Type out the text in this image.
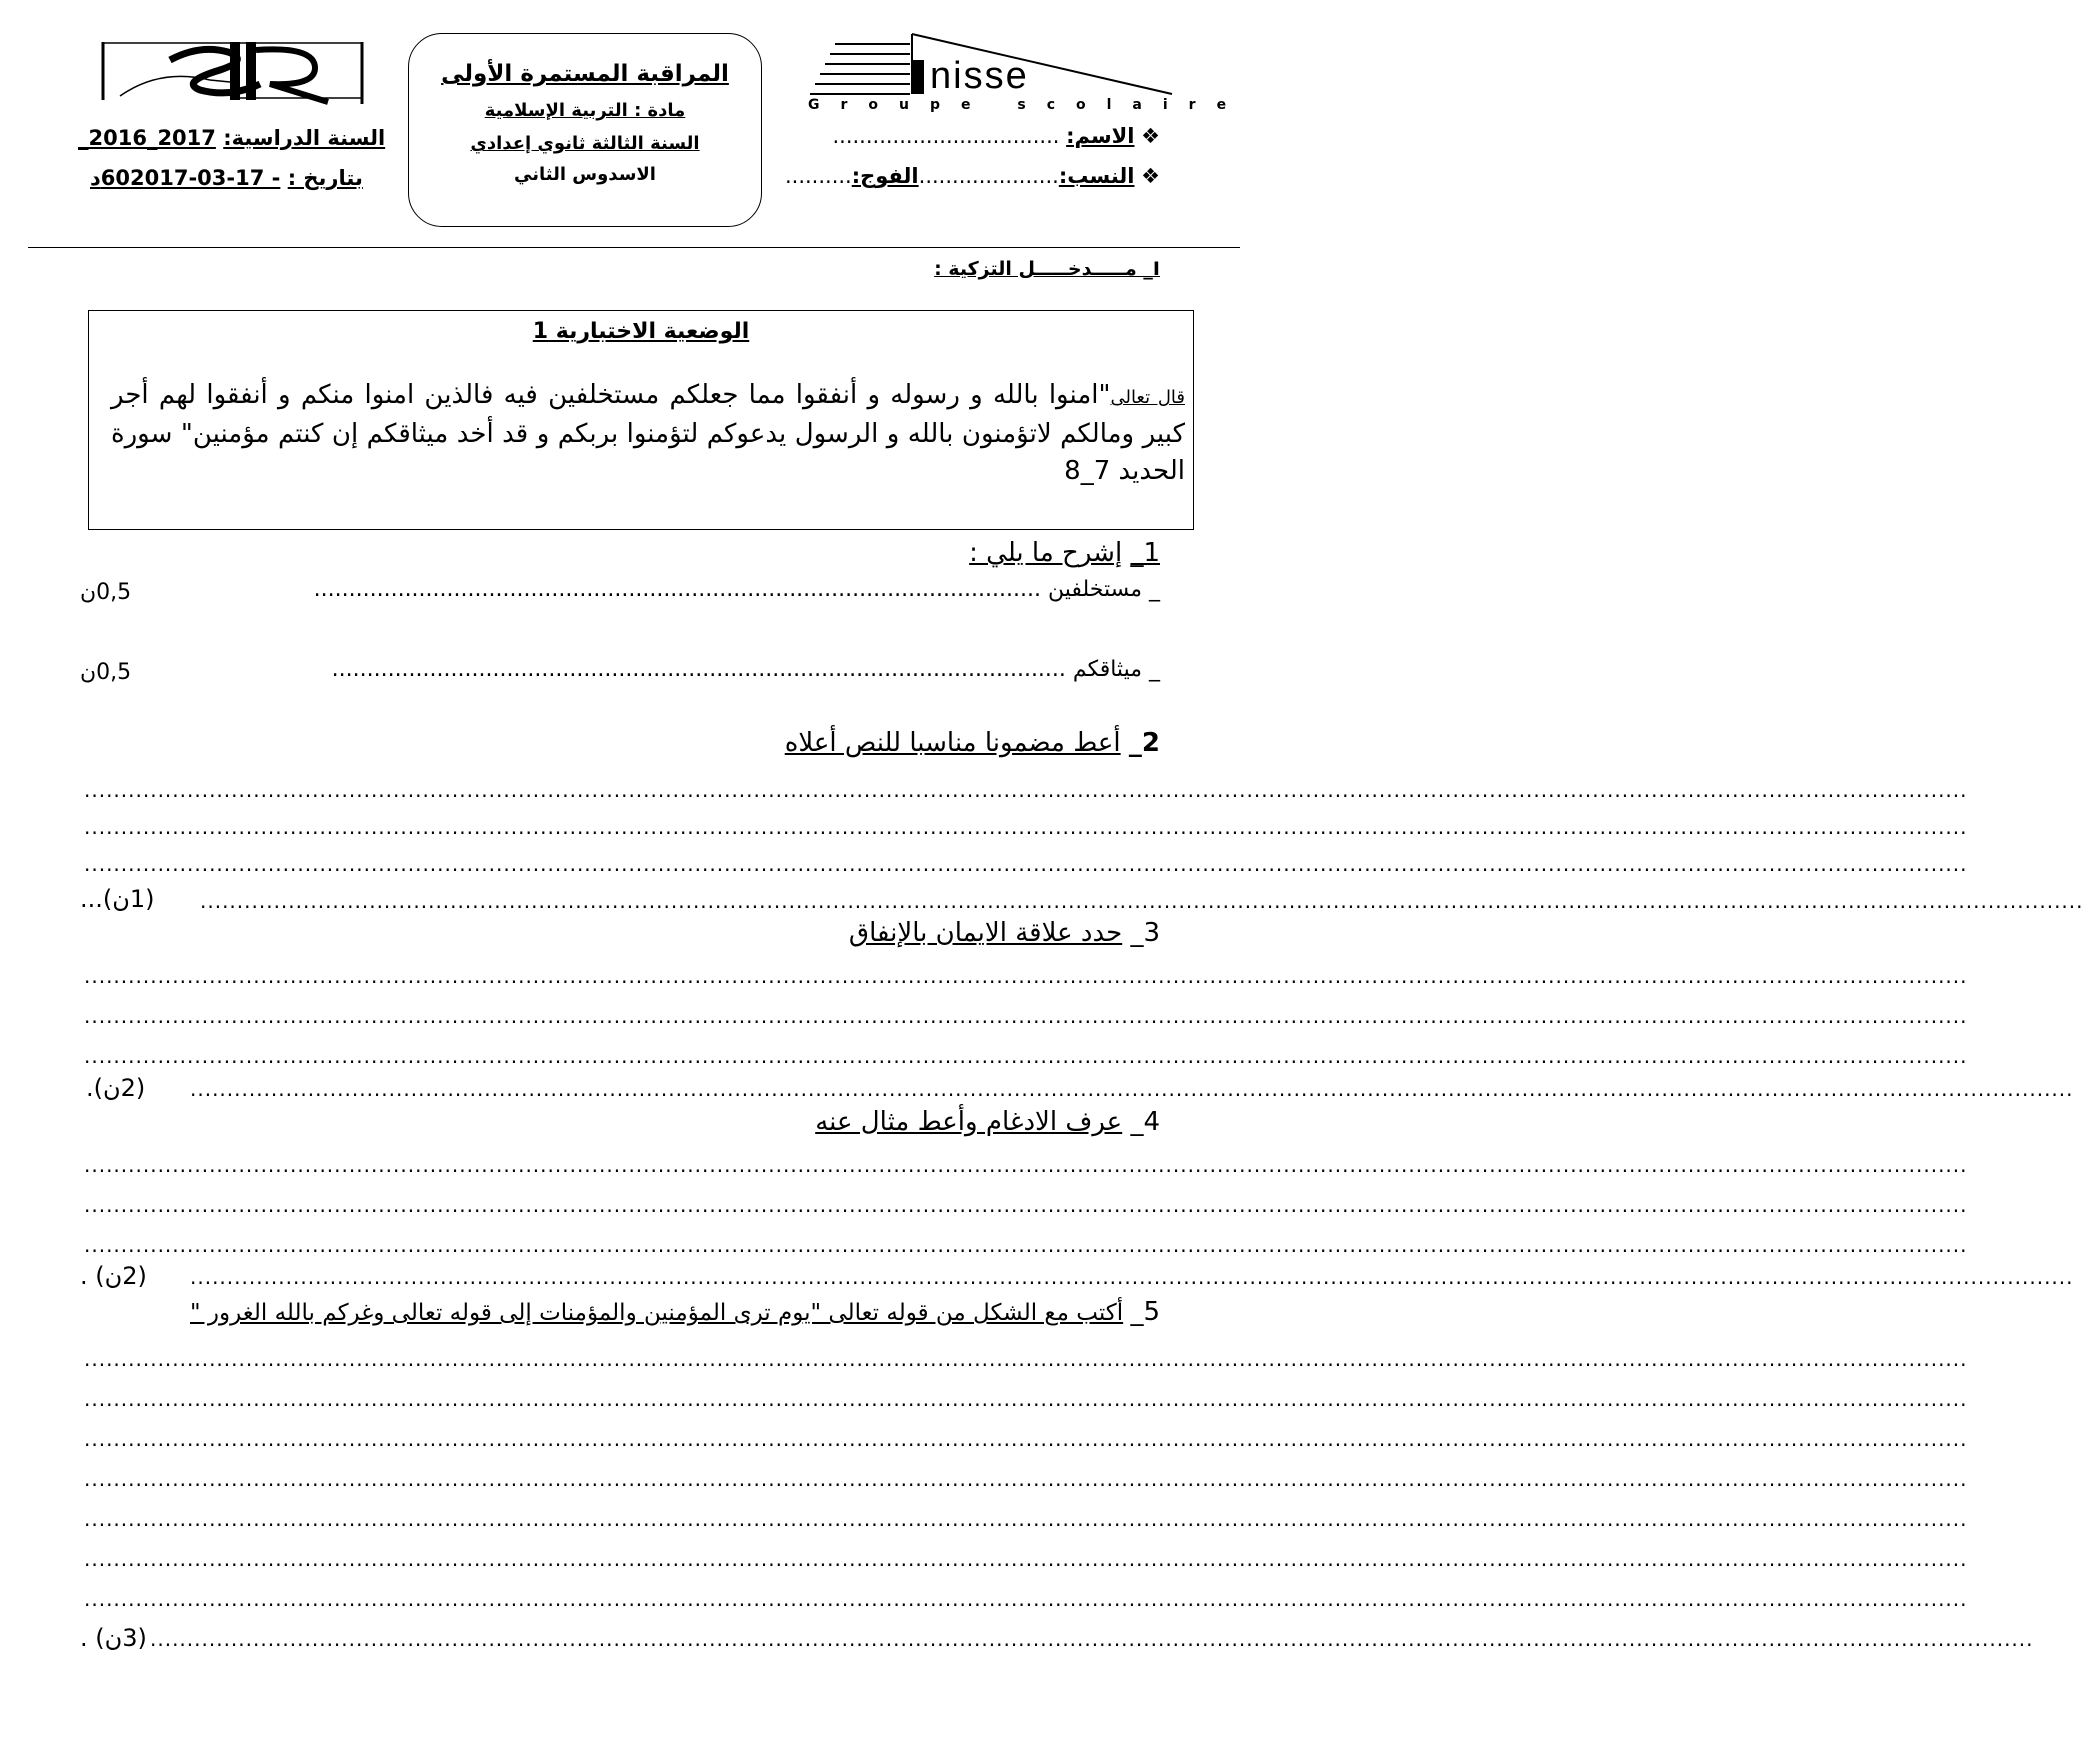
المراقبة المستمرة الأولى
مادة : التربية الإسلامية
السنة الثالثة ثانوي إعدادي
الاسدوس الثاني
nisse
Groupe scolaire
❖ الاسم: ..................................
❖ النسب:.....................الفوج:..........
السنة الدراسية: _2016_2017
بتاريخ : 2017-03-17 -60د
I_ مـــــدخـــــل التزكية :
الوضعية الاختبارية 1
قال تعالى"امنوا بالله و رسوله و أنفقوا مما جعلكم مستخلفين فيه فالذين امنوا منكم و أنفقوا لهم أجر كبير ومالكم لاتؤمنون بالله و الرسول يدعوكم لتؤمنوا بربكم و قد أخد ميثاقكم إن كنتم مؤمنين" سورة الحديد 7_8
1_ إشرح ما يلي :
_ مستخلفين ........................................................................................................
0,5ن
_ ميثاقكم .........................................................................................................
0,5ن
2_ أعط مضمونا مناسبا للنص أعلاه
.....
.....
.....
.....
(1ن)...
3_ حدد علاقة الايمان بالإنفاق
.....
.....
.....
.....
(2ن).
4_ عرف الادغام وأعط مثال عنه
.....
.....
.....
.....
(2ن) .
5_ أكتب مع الشكل من قوله تعالى "يوم ترى المؤمنين والمؤمنات إلى قوله تعالى وغركم بالله الغرور "
.....
.....
.....
.....
.....
.....
.....
.....
(3ن) .
